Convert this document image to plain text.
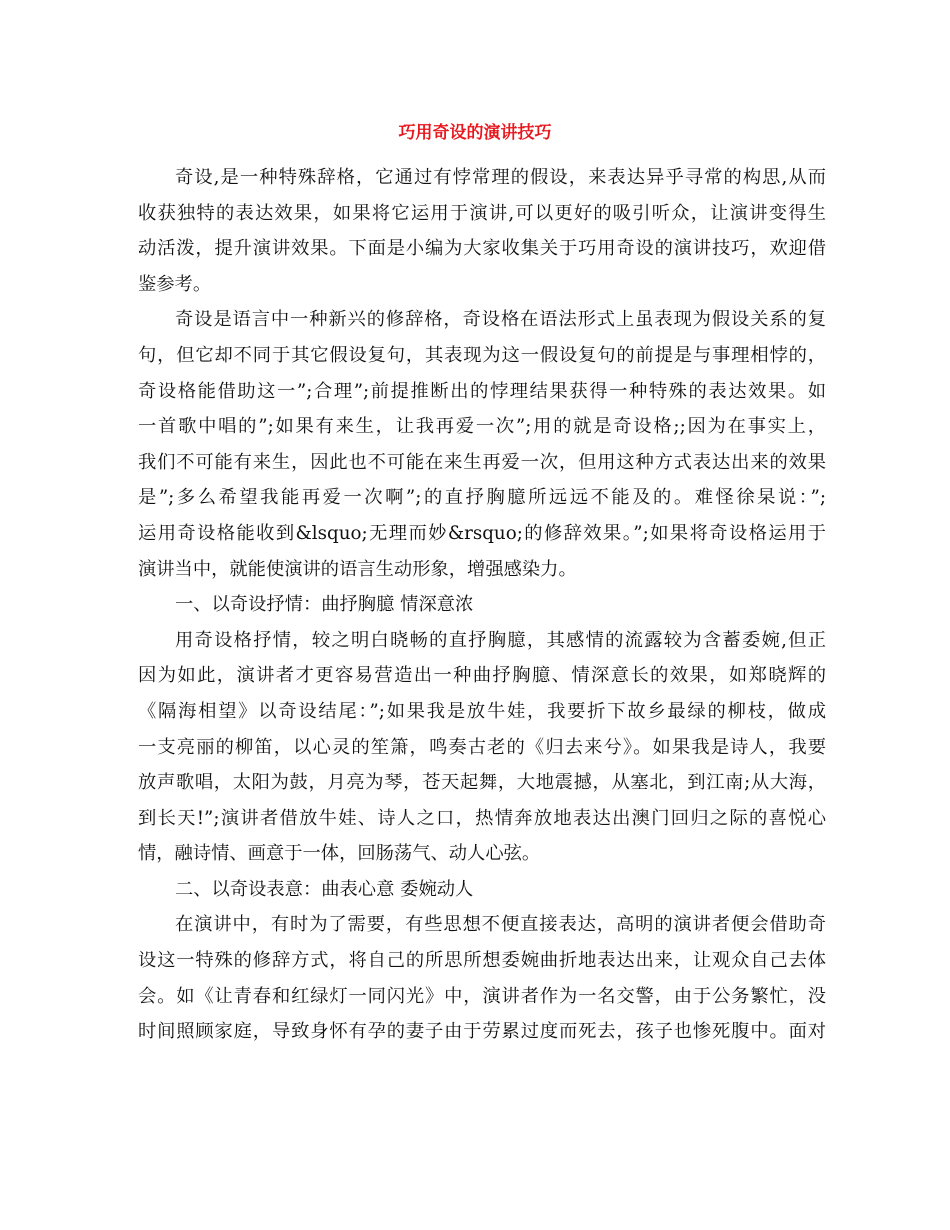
巧用奇设的演讲技巧
奇设,是一种特殊辞格，它通过有悖常理的假设，来表达异乎寻常的构思,从而
收获独特的表达效果，如果将它运用于演讲,可以更好的吸引听众，让演讲变得生
动活泼，提升演讲效果。下面是小编为大家收集关于巧用奇设的演讲技巧，欢迎借
鉴参考。
奇设是语言中一种新兴的修辞格，奇设格在语法形式上虽表现为假设关系的复
句，但它却不同于其它假设复句，其表现为这一假设复句的前提是与事理相悖的，
奇设格能借助这一”;合理”;前提推断出的悖理结果获得一种特殊的表达效果。如
一首歌中唱的”;如果有来生，让我再爱一次”;用的就是奇设格;;因为在事实上，
我们不可能有来生，因此也不可能在来生再爱一次，但用这种方式表达出来的效果
是”;多么希望我能再爱一次啊”;的直抒胸臆所远远不能及的。难怪徐杲说：”;
运用奇设格能收到&lsquo;无理而妙&rsquo;的修辞效果。”;如果将奇设格运用于
演讲当中，就能使演讲的语言生动形象，增强感染力。
一、以奇设抒情：曲抒胸臆 情深意浓
用奇设格抒情，较之明白晓畅的直抒胸臆，其感情的流露较为含蓄委婉,但正
因为如此，演讲者才更容易营造出一种曲抒胸臆、情深意长的效果，如郑晓辉的
《隔海相望》以奇设结尾：”;如果我是放牛娃，我要折下故乡最绿的柳枝，做成
一支亮丽的柳笛，以心灵的笙箫，鸣奏古老的《归去来兮》。如果我是诗人，我要
放声歌唱，太阳为鼓，月亮为琴，苍天起舞，大地震撼，从塞北，到江南;从大海，
到长天!”;演讲者借放牛娃、诗人之口，热情奔放地表达出澳门回归之际的喜悦心
情，融诗情、画意于一体，回肠荡气、动人心弦。
二、以奇设表意：曲表心意 委婉动人
在演讲中，有时为了需要，有些思想不便直接表达，高明的演讲者便会借助奇
设这一特殊的修辞方式，将自己的所思所想委婉曲折地表达出来，让观众自己去体
会。如《让青春和红绿灯一同闪光》中，演讲者作为一名交警，由于公务繁忙，没
时间照顾家庭，导致身怀有孕的妻子由于劳累过度而死去，孩子也惨死腹中。面对
